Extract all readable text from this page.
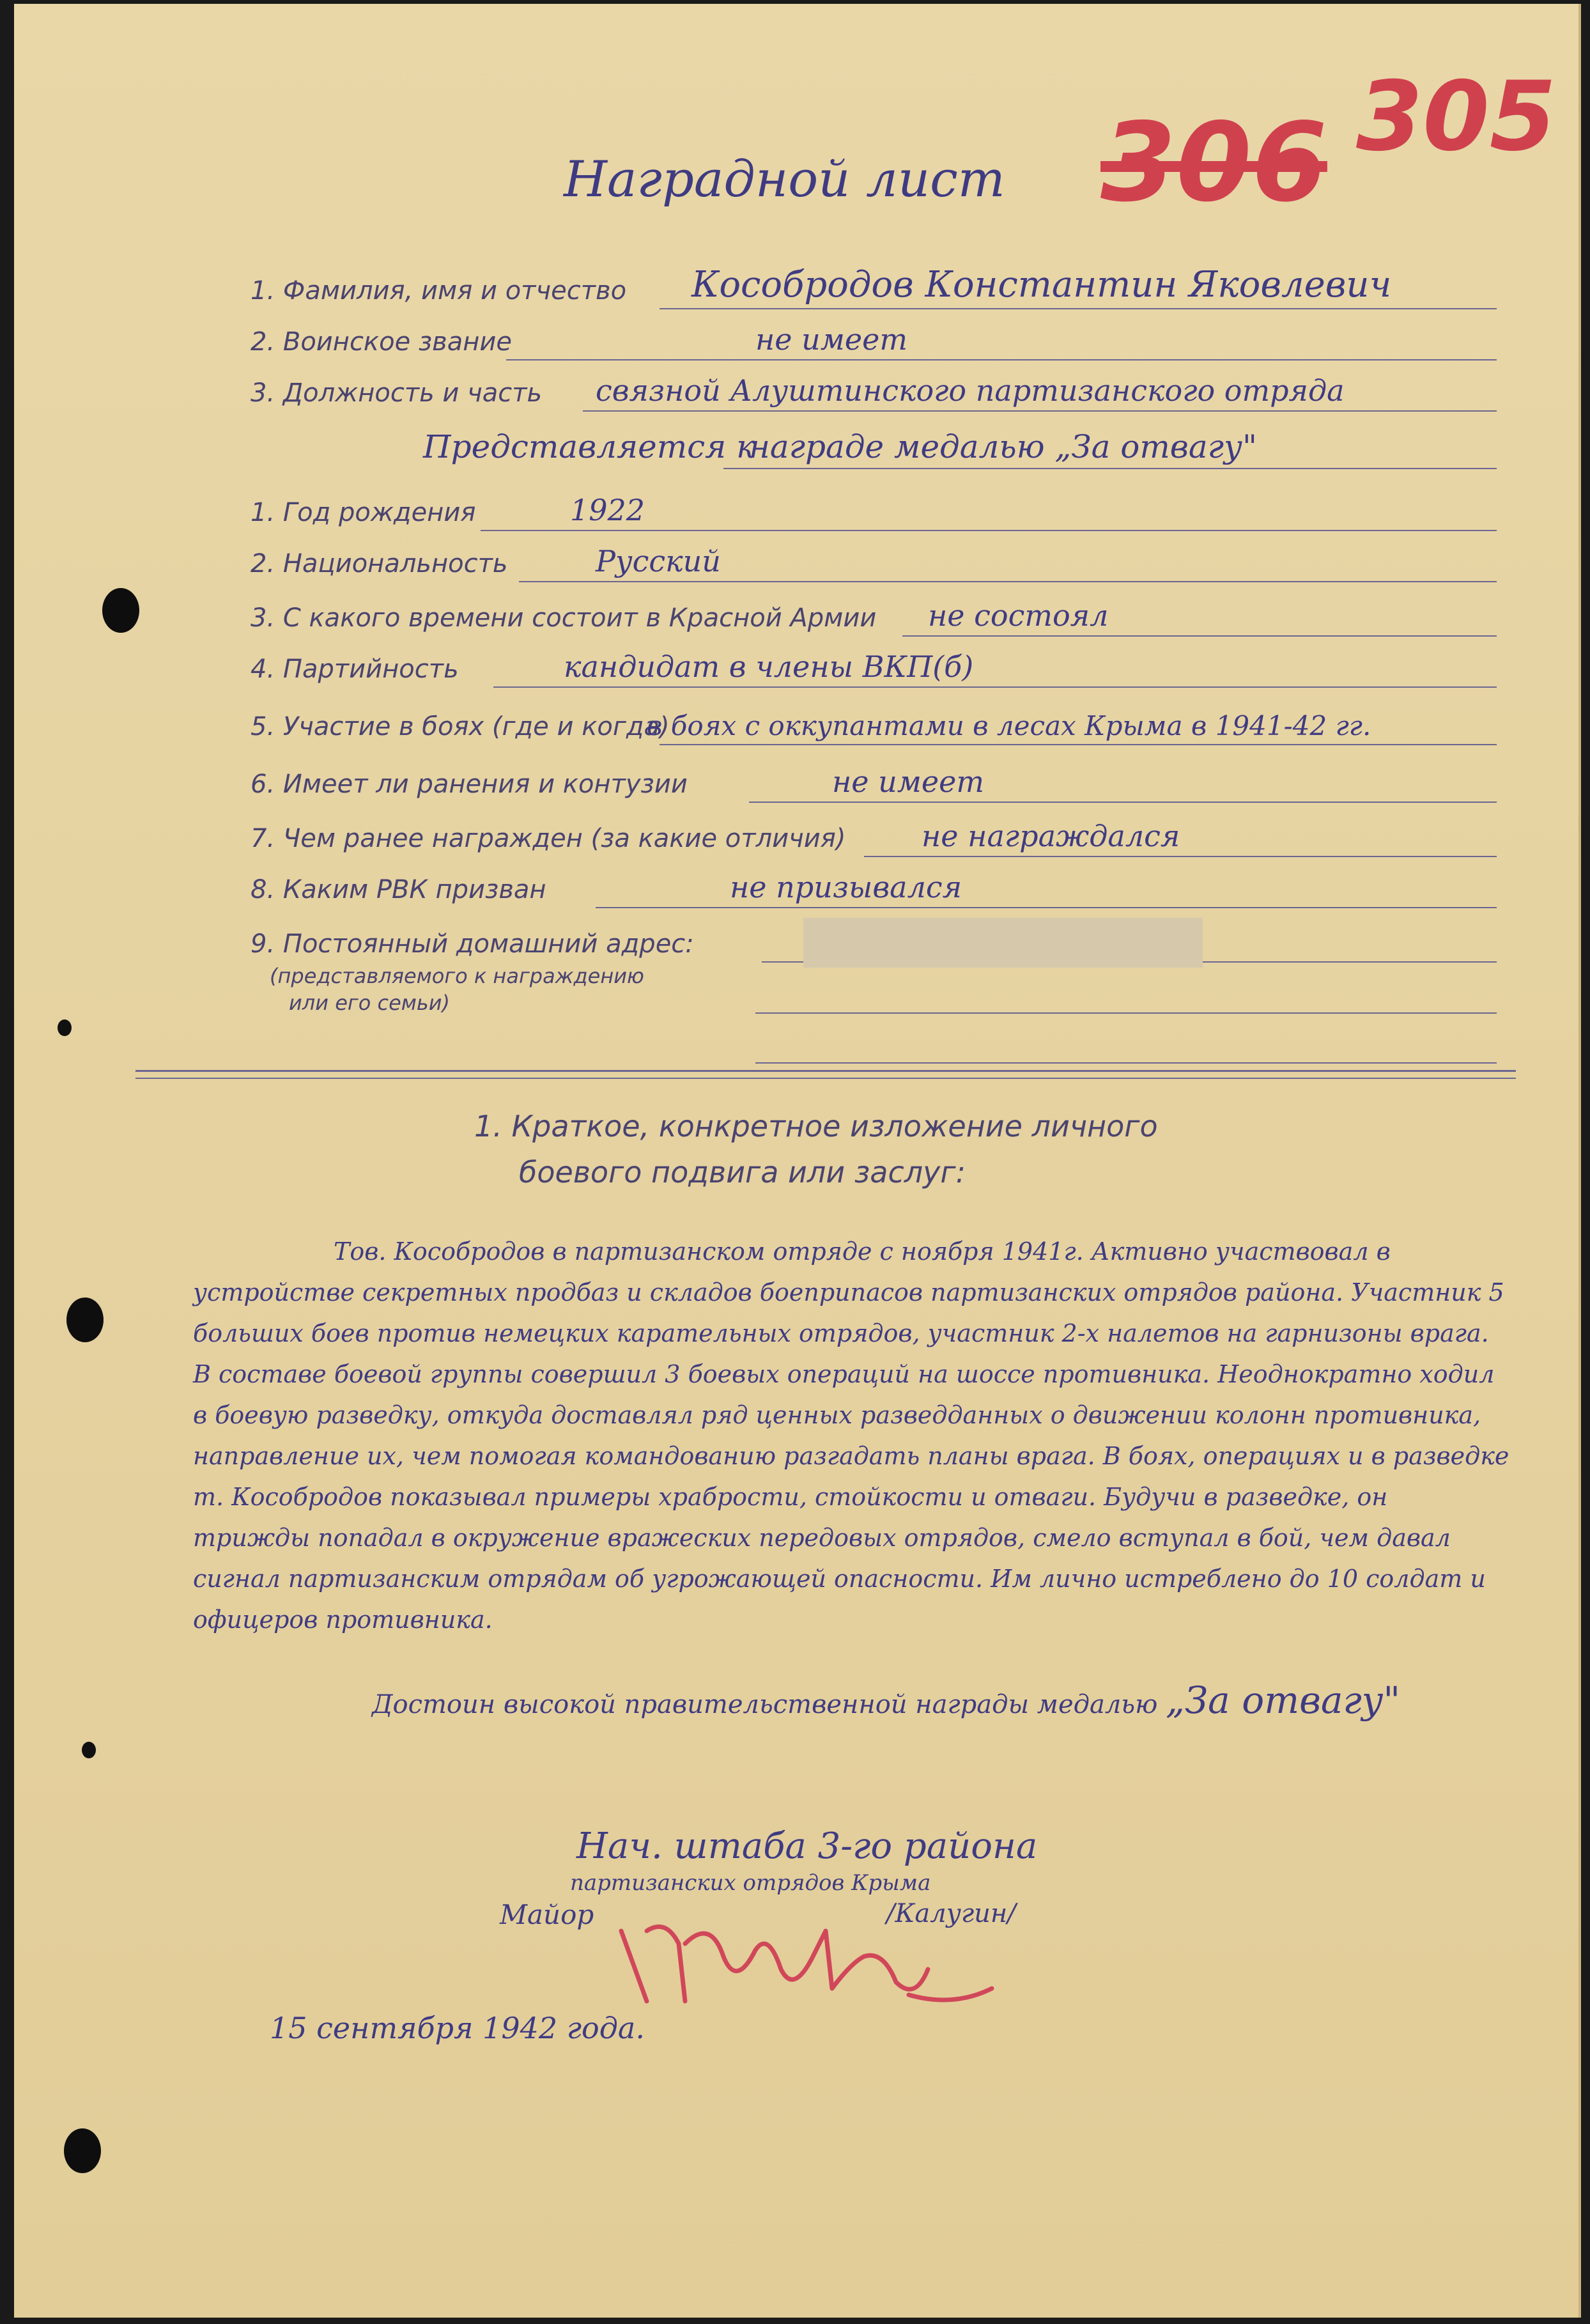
Наградной лист 306 305
1. Фамилия, имя и отчество Кособродов Константин Яковлевич
2. Воинское звание	не имеет
3. Должность и часть связной Алуштинского партизанского отряда
Представляется к
награде медалью „За отвагу"
1. Год рождения	1922
2. Национальность	Русский
3. С какого времени состоит в Красной Армии не состоял
4. Партийность	кандидат в члены ВКП(б)
5. Участие в боях (где и когда)
в боях с оккупантами в лесах Крыма в 1941-42 гг.
6. Имеет ли ранения и контузии	не имеет
7. Чем ранее награжден (за какие отличия)	не награждался
8. Каким РВК призван	не призывался
9. Постоянный домашний адрес:
(представляемого к награждению
или его семьи)
1. Краткое, конкретное изложение личного
боевого подвига или заслуг:

Тов. Кособродов в партизанском отряде с ноября 1941г. Активно участвовал в устройстве секретных продбаз и складов боеприпасов партизанских отрядов района. Участник 5 больших боев против немецких карательных отрядов, участник 2-х налетов на гарнизоны врага. В составе боевой группы совершил 3 боевых операций на шоссе противника. Неоднократно ходил в боевую разведку, откуда доставлял ряд ценных разведданных о движении колонн противника, направление их, чем помогая командованию разгадать планы врага. В боях, операциях и в разведке т. Кособродов показывал примеры храбрости, стойкости и отваги. Будучи в разведке, он трижды попадал в окружение вражеских передовых отрядов, смело вступал в бой, чем давал сигнал партизанским отрядам об угрожающей опасности. Им лично истреблено до 10 солдат и офицеров противника.

Достоин высокой правительственной награды медалью „За отвагу"
Нач. штаба 3-го района
партизанских отрядов Крыма
Майор	/Калугин/
15 сентября 1942 года.
